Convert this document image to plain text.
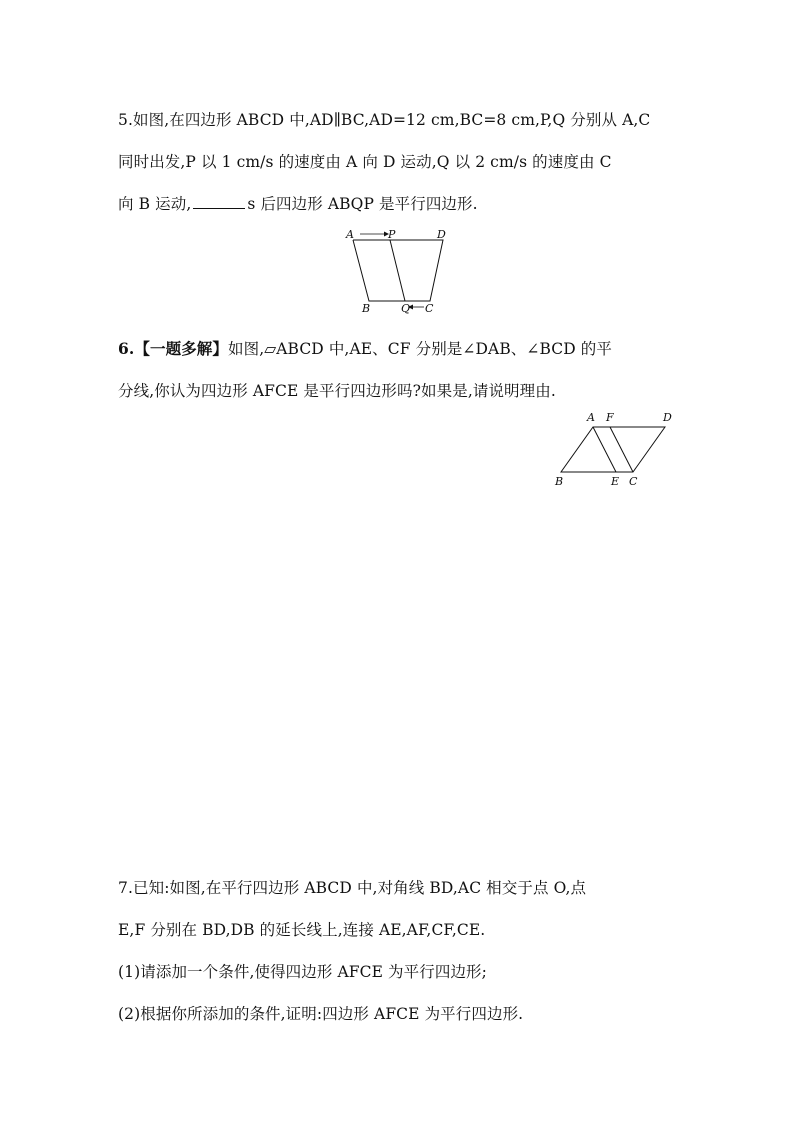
5.如图,在四边形 ABCD 中,AD∥BC,AD=12 cm,BC=8 cm,P,Q 分别从 A,C
同时出发,P 以 1 cm/s 的速度由 A 向 D 运动,Q 以 2 cm/s 的速度由 C
向 B 运动,	s 后四边形 ABQP 是平行四边形.
A	P	D
B	Q C
6.【一题多解】如图,▱ABCD 中,AE、CF 分别是∠DAB、∠BCD 的平
分线,你认为四边形 AFCE 是平行四边形吗?如果是,请说明理由.
A F	D
B	E C
7.已知:如图,在平行四边形 ABCD 中,对角线 BD,AC 相交于点 O,点
E,F 分别在 BD,DB 的延长线上,连接 AE,AF,CF,CE.
(1)请添加一个条件,使得四边形 AFCE 为平行四边形;
(2)根据你所添加的条件,证明:四边形 AFCE 为平行四边形.
